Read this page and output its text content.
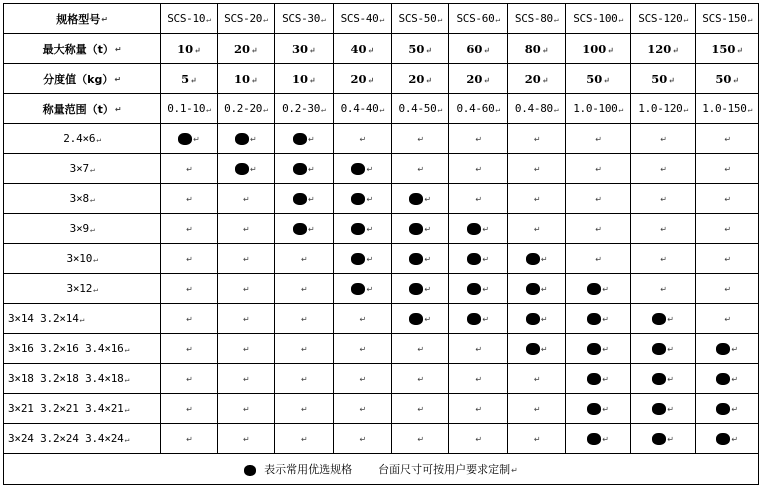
规格型号↵	SCS-10↵	SCS-20↵	SCS-30↵	SCS-40↵	SCS-50↵	SCS-60↵	SCS-80↵	SCS-100↵	SCS-120↵	SCS-150↵
最大称量（t）↵	10↵	20↵	30↵	40↵	50↵	60↵	80↵	100↵	120↵	150↵
分度值（kg）↵	5↵	10↵	10↵	20↵	20↵	20↵	20↵	50↵	50↵	50↵
称量范围（t）↵	0.1-10↵	0.2-20↵	0.2-30↵	0.4-40↵	0.4-50↵	0.4-60↵	0.4-80↵	1.0-100↵	1.0-120↵	1.0-150↵
2.4×6↵	↵	↵	↵	↵	↵	↵	↵	↵	↵	↵
3×7↵	↵	↵	↵	↵	↵	↵	↵	↵	↵	↵
3×8↵	↵	↵	↵	↵	↵	↵	↵	↵	↵	↵
3×9↵	↵	↵	↵	↵	↵	↵	↵	↵	↵	↵
3×10↵	↵	↵	↵	↵	↵	↵	↵	↵	↵	↵
3×12↵	↵	↵	↵	↵	↵	↵	↵	↵	↵	↵
3×14 3.2×14↵	↵	↵	↵	↵	↵	↵	↵	↵	↵	↵
3×16 3.2×16 3.4×16↵	↵	↵	↵	↵	↵	↵	↵	↵	↵	↵
3×18 3.2×18 3.4×18↵	↵	↵	↵	↵	↵	↵	↵	↵	↵	↵
3×21 3.2×21 3.4×21↵	↵	↵	↵	↵	↵	↵	↵	↵	↵	↵
3×24 3.2×24 3.4×24↵	↵	↵	↵	↵	↵	↵	↵	↵	↵	↵
表示常用优选规格 台面尺寸可按用户要求定制↵										
